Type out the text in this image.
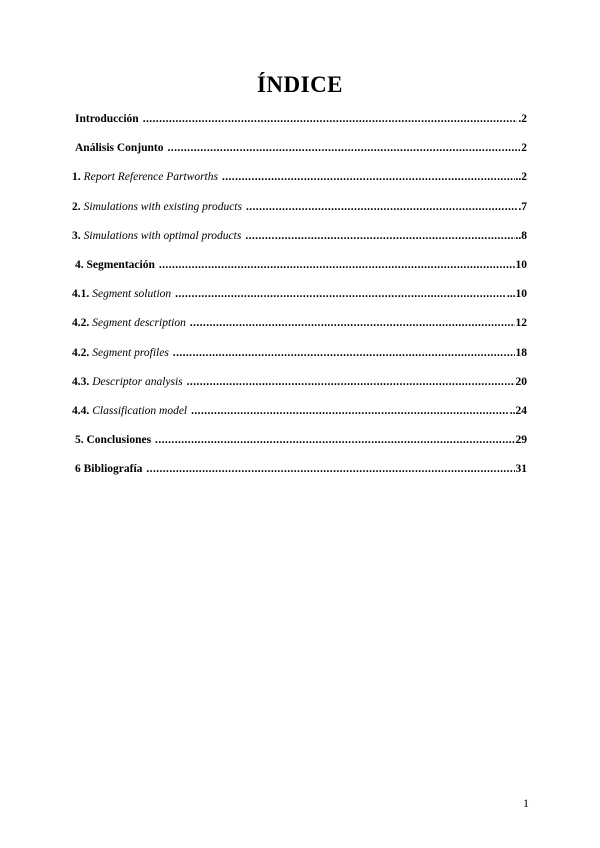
ÍNDICE
Introducción .....	.2
Análisis Conjunto .....	2
1. Report Reference Partworths .....	..2
2. Simulations with existing products .....	.7
3. Simulations with optimal products .....	..8
4. Segmentación .....	10
4.1. Segment solution .....	...10
4.2. Segment description .....	12
4.2. Segment profiles .....	18
4.3. Descriptor analysis .....	20
4.4. Classification model .....	..24
5. Conclusiones .....	29
6 Bibliografía .....	31
1
